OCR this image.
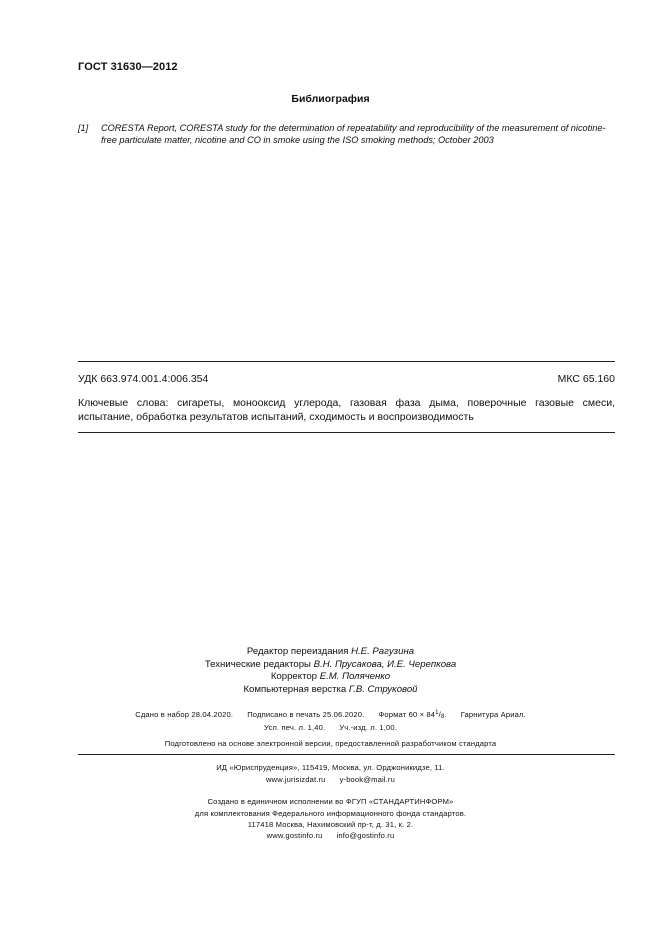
ГОСТ 31630—2012
Библиография
[1] CORESTA Report, CORESTA study for the determination of repeatability and reproducibility of the measurement of nicotine-free particulate matter, nicotine and CO in smoke using the ISO smoking methods; October 2003
УДК 663.974.001.4:006.354	МКС 65.160
Ключевые слова: сигареты, монооксид углерода, газовая фаза дыма, поверочные газовые смеси, испытание, обработка результатов испытаний, сходимость и воспроизводимость
Редактор переиздания Н.Е. Рагузина
Технические редакторы В.Н. Прусакова, И.Е. Черепкова
Корректор Е.М. Поляченко
Компьютерная верстка Г.В. Струковой
Сдано в набор 28.04.2020. Подписано в печать 25.06.2020. Формат $60 \times 84^1/_8$. Гарнитура Ариал.
Усл. печ. л. 1,40. Уч.-изд. л. 1,00.
Подготовлено на основе электронной версии, предоставленной разработчиком стандарта
ИД «Юриспруденция», 115419, Москва, ул. Орджоникидзе, 11.
www.jurisizdat.ru y-book@mail.ru
Создано в единичном исполнении во ФГУП «СТАНДАРТИНФОРМ»
для комплектования Федерального информационного фонда стандартов.
117418 Москва, Нахимовский пр-т, д. 31, к. 2.
www.gostinfo.ru info@gostinfo.ru
